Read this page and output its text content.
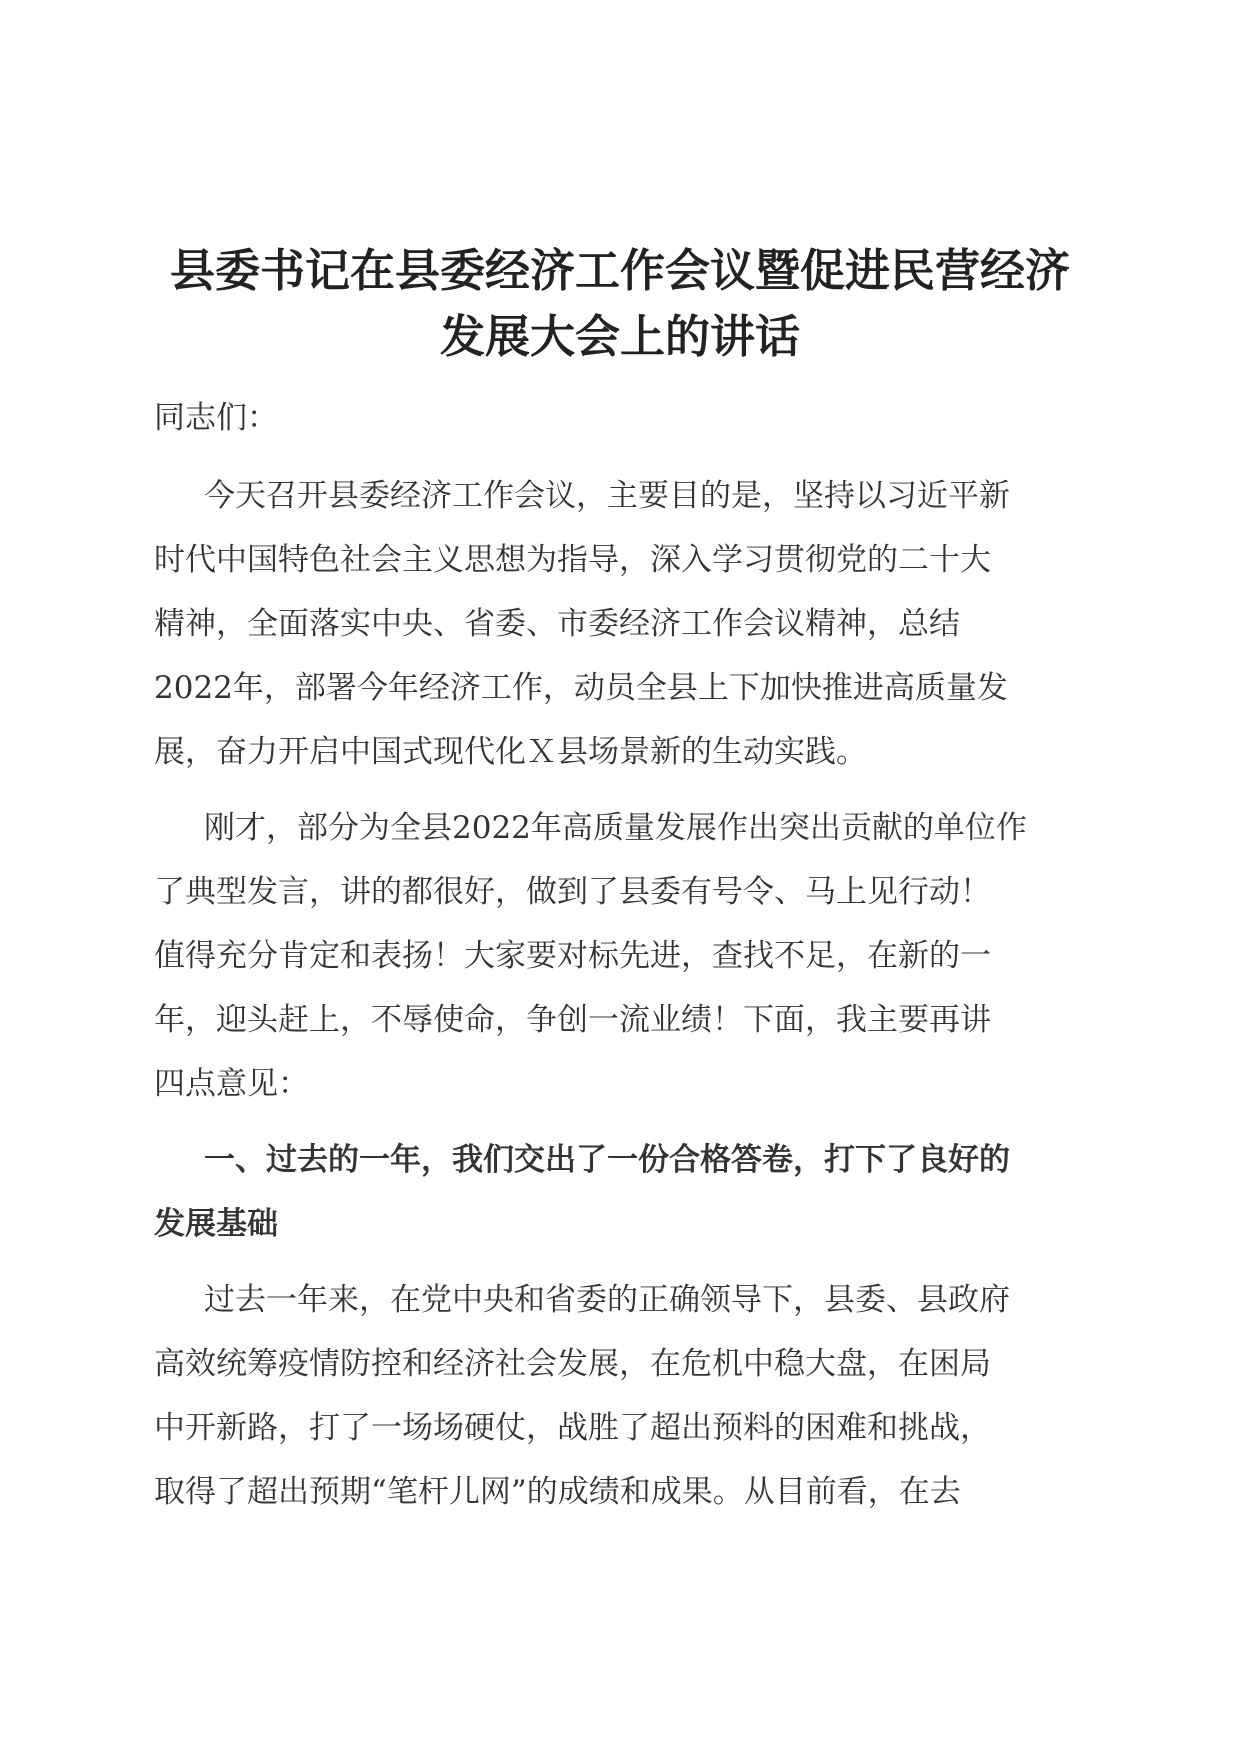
县委书记在县委经济工作会议暨促进民营经济
发展大会上的讲话
同志们：
今天召开县委经济工作会议，主要目的是，坚持以习近平新
时代中国特色社会主义思想为指导，深入学习贯彻党的二十大
精神，全面落实中央、省委、市委经济工作会议精神，总结
2022年，部署今年经济工作，动员全县上下加快推进高质量发
展，奋力开启中国式现代化Ｘ县场景新的生动实践。
刚才，部分为全县2022年高质量发展作出突出贡献的单位作
了典型发言，讲的都很好，做到了县委有号令、马上见行动！
值得充分肯定和表扬！大家要对标先进，查找不足，在新的一
年，迎头赶上，不辱使命，争创一流业绩！下面，我主要再讲
四点意见：
一、过去的一年，我们交出了一份合格答卷，打下了良好的
发展基础
过去一年来，在党中央和省委的正确领导下，县委、县政府
高效统筹疫情防控和经济社会发展，在危机中稳大盘，在困局
中开新路，打了一场场硬仗，战胜了超出预料的困难和挑战，
取得了超出预期“笔杆儿网”的成绩和成果。从目前看，在去
